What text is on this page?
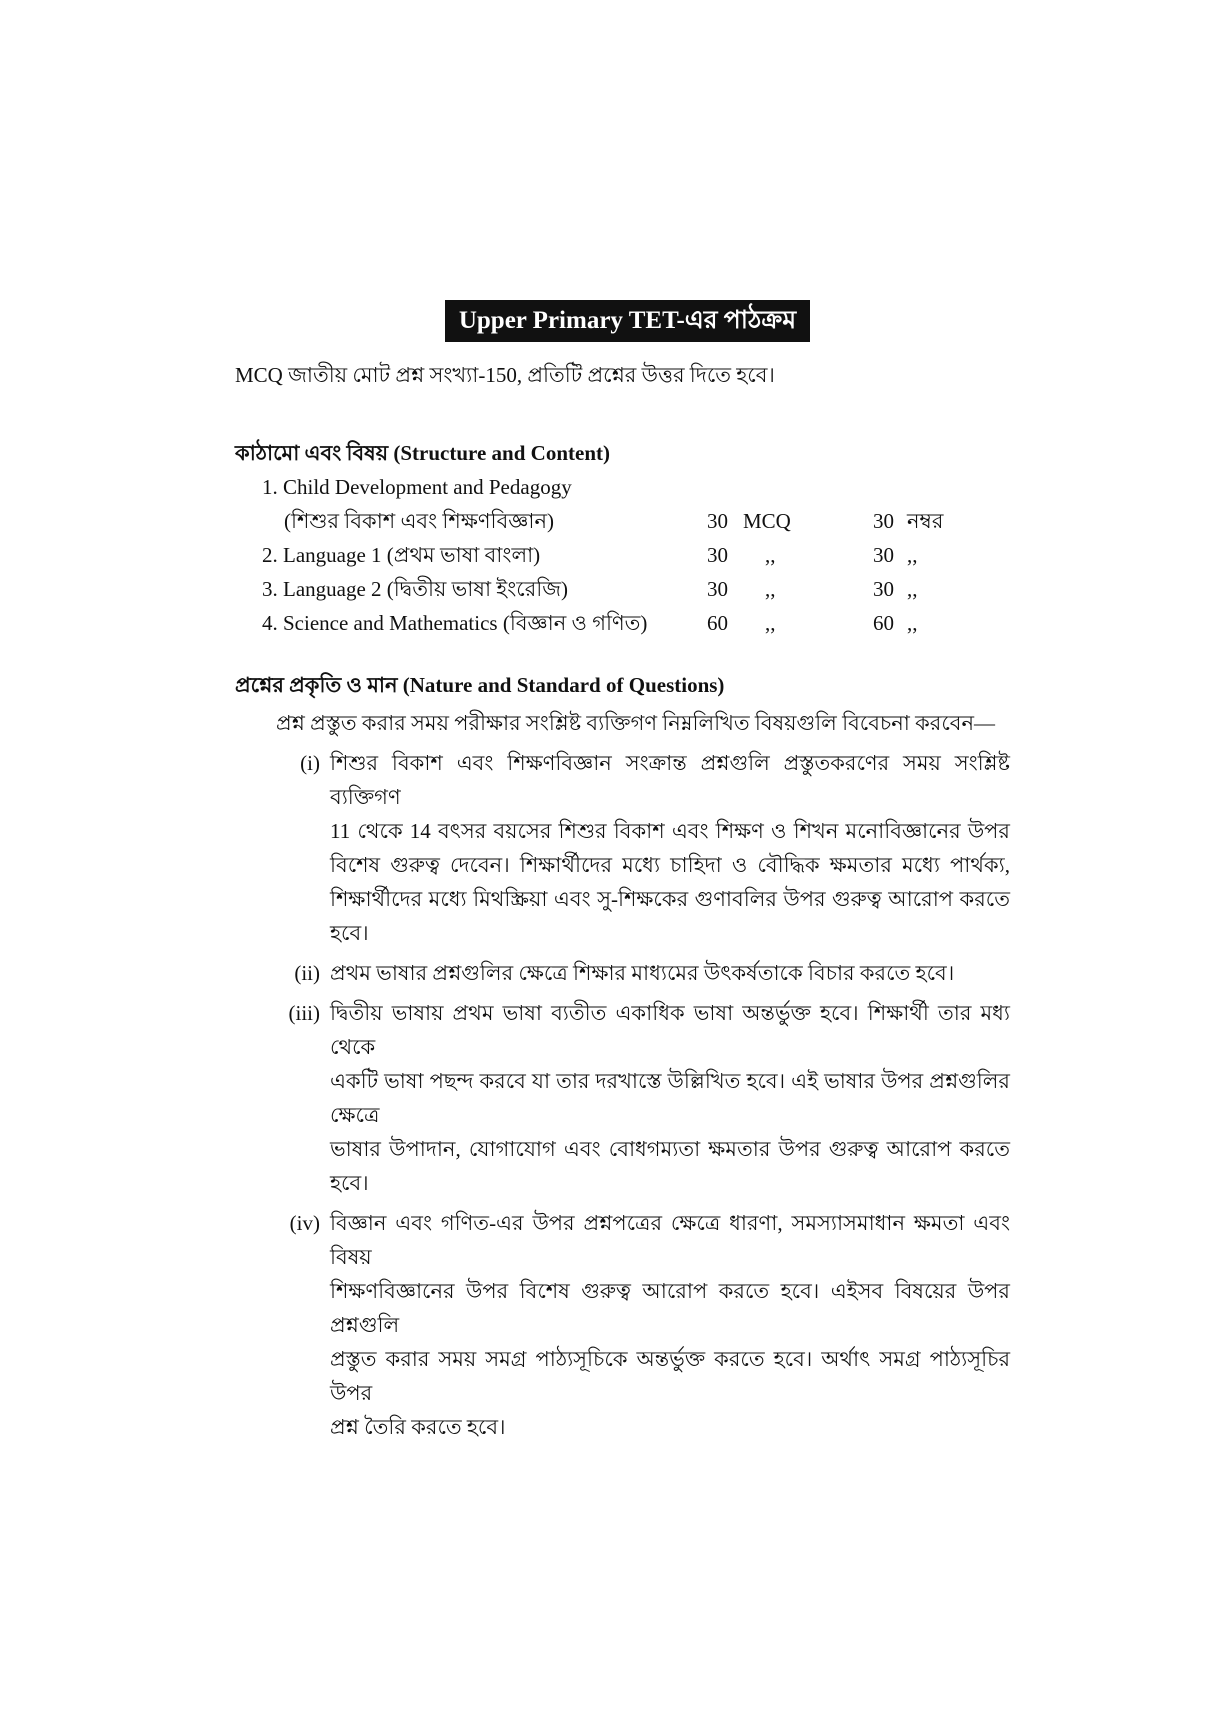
Upper Primary TET-এর পাঠক্রম
MCQ জাতীয় মোট প্রশ্ন সংখ্যা-150, প্রতিটি প্রশ্নের উত্তর দিতে হবে।
কাঠামো এবং বিষয় (Structure and Content)
1. Child Development and Pedagogy
(শিশুর বিকাশ এবং শিক্ষণবিজ্ঞান)	30 MCQ	30 নম্বর
2. Language 1 (প্রথম ভাষা বাংলা)	30	,,	30 ,,
3. Language 2 (দ্বিতীয় ভাষা ইংরেজি)	30	,,	30 ,,
4. Science and Mathematics (বিজ্ঞান ও গণিত)	60	,,	60 ,,
প্রশ্নের প্রকৃতি ও মান (Nature and Standard of Questions)
প্রশ্ন প্রস্তুত করার সময় পরীক্ষার সংশ্লিষ্ট ব্যক্তিগণ নিম্নলিখিত বিষয়গুলি বিবেচনা করবেন—
(i) শিশুর বিকাশ এবং শিক্ষণবিজ্ঞান সংক্রান্ত প্রশ্নগুলি প্রস্তুতকরণের সময় সংশ্লিষ্ট ব্যক্তিগণ
11 থেকে 14 বৎসর বয়সের শিশুর বিকাশ এবং শিক্ষণ ও শিখন মনোবিজ্ঞানের উপর
বিশেষ গুরুত্ব দেবেন। শিক্ষার্থীদের মধ্যে চাহিদা ও বৌদ্ধিক ক্ষমতার মধ্যে পার্থক্য,
শিক্ষার্থীদের মধ্যে মিথস্ক্রিয়া এবং সু-শিক্ষকের গুণাবলির উপর গুরুত্ব আরোপ করতে হবে।
(ii) প্রথম ভাষার প্রশ্নগুলির ক্ষেত্রে শিক্ষার মাধ্যমের উৎকর্ষতাকে বিচার করতে হবে।
(iii) দ্বিতীয় ভাষায় প্রথম ভাষা ব্যতীত একাধিক ভাষা অন্তর্ভুক্ত হবে। শিক্ষার্থী তার মধ্য থেকে
একটি ভাষা পছন্দ করবে যা তার দরখাস্তে উল্লিখিত হবে। এই ভাষার উপর প্রশ্নগুলির ক্ষেত্রে
ভাষার উপাদান, যোগাযোগ এবং বোধগম্যতা ক্ষমতার উপর গুরুত্ব আরোপ করতে হবে।
(iv) বিজ্ঞান এবং গণিত-এর উপর প্রশ্নপত্রের ক্ষেত্রে ধারণা, সমস্যাসমাধান ক্ষমতা এবং বিষয়
শিক্ষণবিজ্ঞানের উপর বিশেষ গুরুত্ব আরোপ করতে হবে। এইসব বিষয়ের উপর প্রশ্নগুলি
প্রস্তুত করার সময় সমগ্র পাঠ্যসূচিকে অন্তর্ভুক্ত করতে হবে। অর্থাৎ সমগ্র পাঠ্যসূচির উপর
প্রশ্ন তৈরি করতে হবে।
